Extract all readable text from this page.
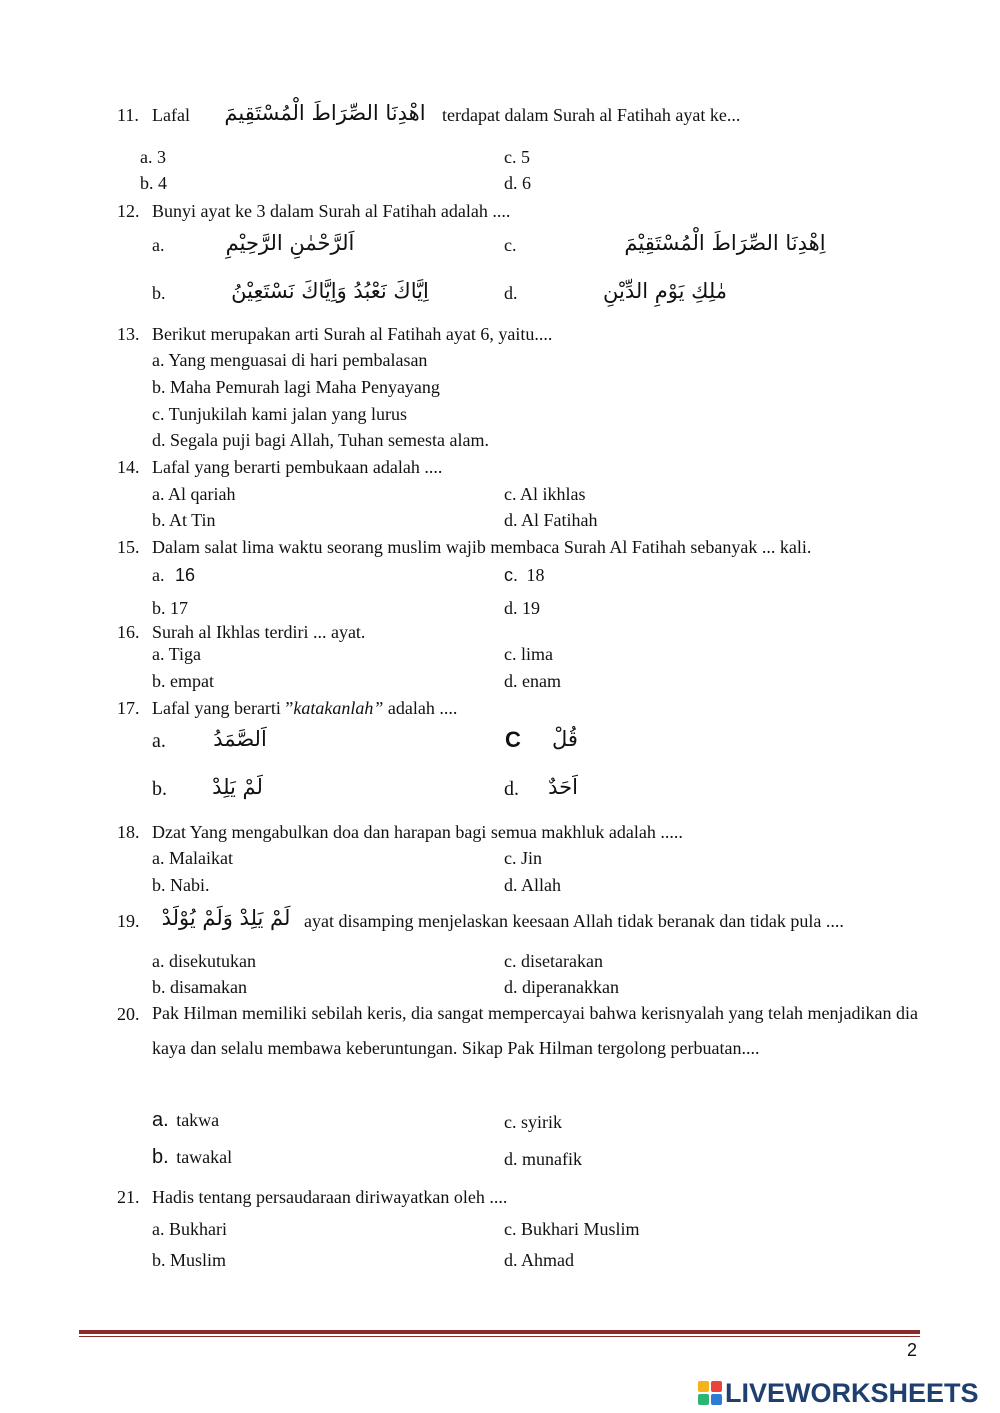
11. Lafal	اهْدِنَا الصِّرَاطَ الْمُسْتَقِيمَ terdapat dalam Surah al Fatihah ayat ke...
a. 3
b. 4
c. 5
d. 6
12. Bunyi ayat ke 3 dalam Surah al Fatihah adalah ....
a.	اَلرَّحْمٰنِ الرَّحِيْمِ	c.	اِهْدِنَا الصِّرَاطَ الْمُسْتَقِيْمَ
b.	اِيَّاكَ نَعْبُدُ وَاِيَّاكَ نَسْتَعِيْنُ	d.	مٰلِكِ يَوْمِ الدِّيْنِ
13. Berikut merupakan arti Surah al Fatihah ayat 6, yaitu....
a. Yang menguasai di hari pembalasan
b. Maha Pemurah lagi Maha Penyayang
c. Tunjukilah kami jalan yang lurus
d. Segala puji bagi Allah, Tuhan semesta alam.
14. Lafal yang berarti pembukaan adalah ....
a. Al qariah
b. At Tin
c. Al ikhlas
d. Al Fatihah
15. Dalam salat lima waktu seorang muslim wajib membaca Surah Al Fatihah sebanyak ... kali.
a. 16
b. 17
c. 18
d. 19
16. Surah al Ikhlas terdiri ... ayat.
a. Tiga
b. empat
c. lima
d. enam
17. Lafal yang berarti ”katakanlah” adalah ....
a.	اَلصَّمَدُ	C	قُلْ
b.	لَمْ يَلِدْ	d.	اَحَدٌ
18. Dzat Yang mengabulkan doa dan harapan bagi semua makhluk adalah .....
a. Malaikat
b. Nabi.
c. Jin
d. Allah
19.	لَمْ يَلِدْ وَلَمْ يُوْلَدْ ayat disamping menjelaskan keesaan Allah tidak beranak dan tidak pula ....
a. disekutukan
b. disamakan
c. disetarakan
d. diperanakkan
20. Pak Hilman memiliki sebilah keris, dia sangat mempercayai bahwa kerisnyalah yang telah menjadikan dia kaya dan selalu membawa keberuntungan. Sikap Pak Hilman tergolong perbuatan....
a. takwa
b. tawakal
c. syirik
d. munafik
21. Hadis tentang persaudaraan diriwayatkan oleh ....
a. Bukhari
b. Muslim
c. Bukhari Muslim
d. Ahmad
2
LIVEWORKSHEETS
